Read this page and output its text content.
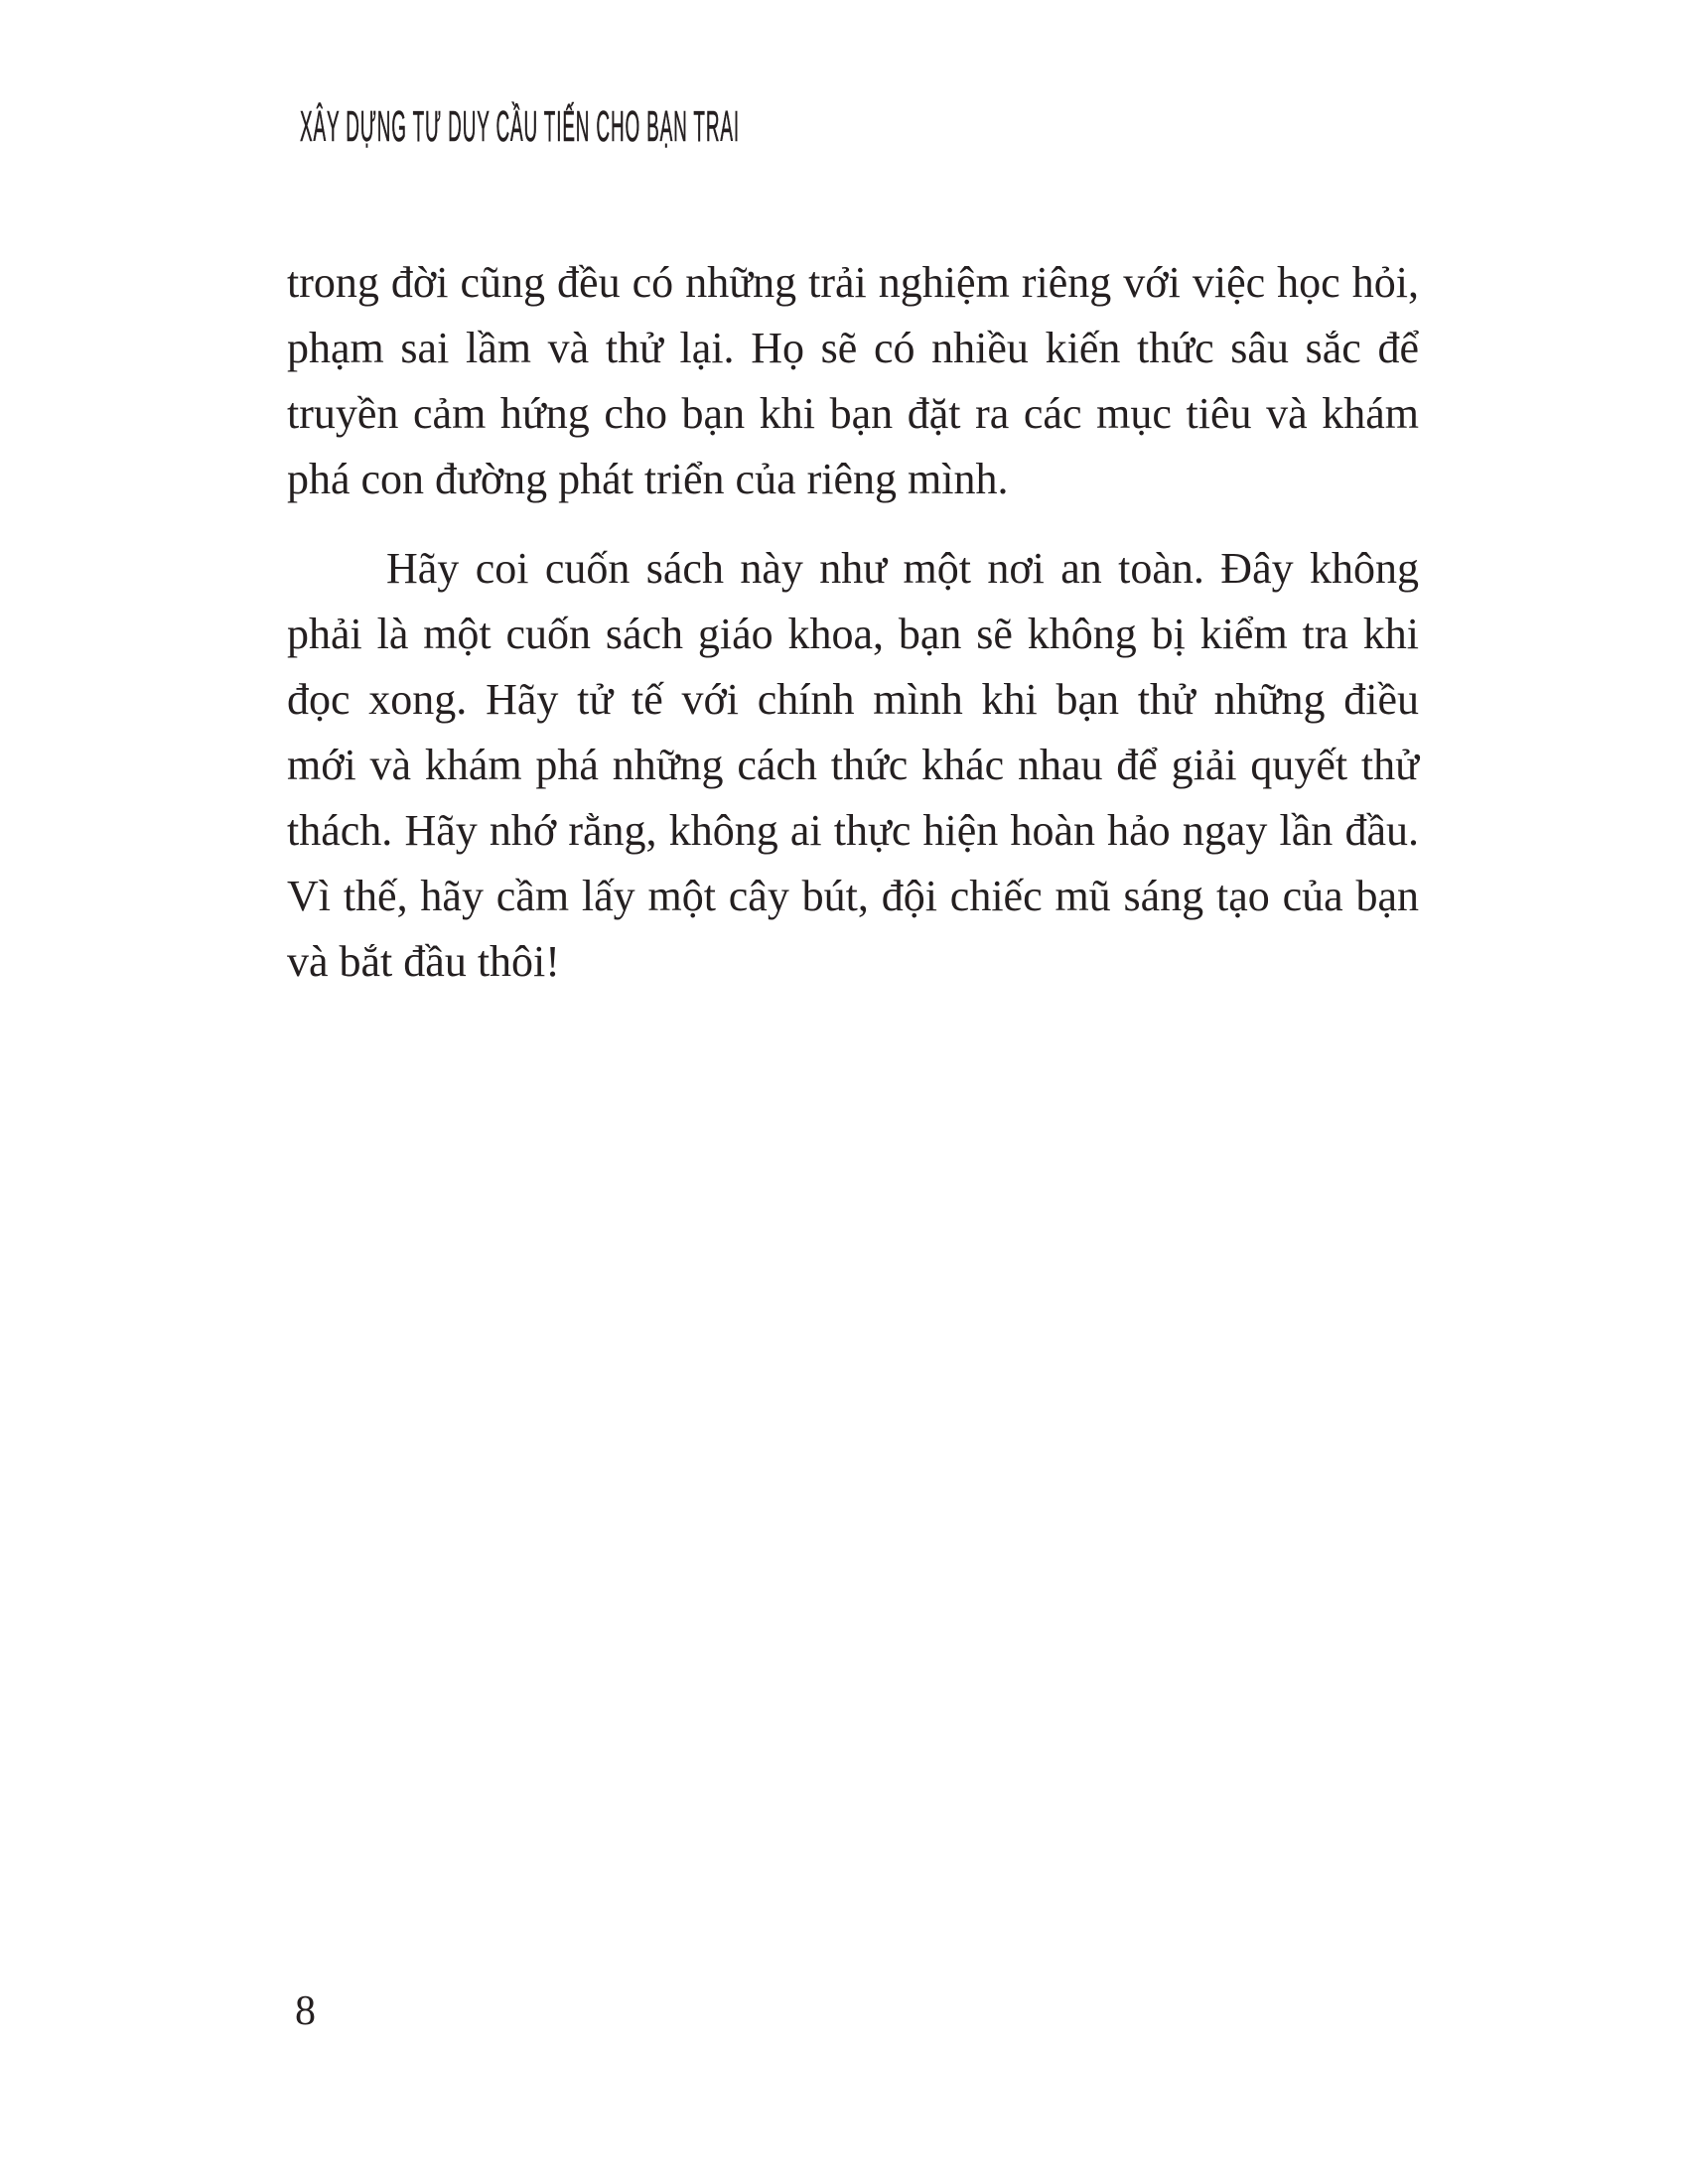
XÂY DỰNG TƯ DUY CẦU TIẾN CHO BẠN TRAI
trong đời cũng đều có những trải nghiệm riêng với việc học hỏi,
phạm sai lầm và thử lại. Họ sẽ có nhiều kiến thức sâu sắc để
truyền cảm hứng cho bạn khi bạn đặt ra các mục tiêu và khám
phá con đường phát triển của riêng mình.
Hãy coi cuốn sách này như một nơi an toàn. Đây không
phải là một cuốn sách giáo khoa, bạn sẽ không bị kiểm tra khi
đọc xong. Hãy tử tế với chính mình khi bạn thử những điều
mới và khám phá những cách thức khác nhau để giải quyết thử
thách. Hãy nhớ rằng, không ai thực hiện hoàn hảo ngay lần đầu.
Vì thế, hãy cầm lấy một cây bút, đội chiếc mũ sáng tạo của bạn
và bắt đầu thôi!
8
